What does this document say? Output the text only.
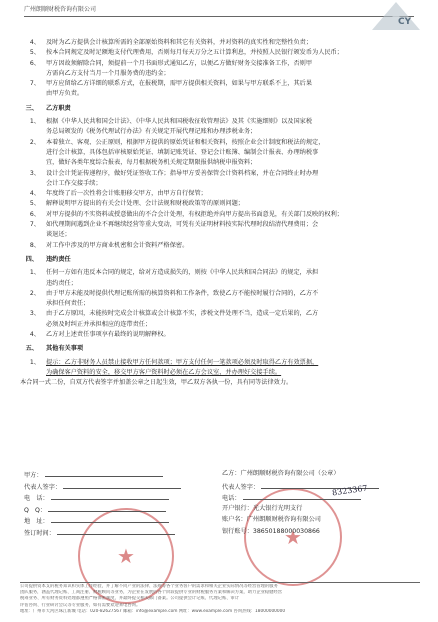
广州朗顺财税咨询有限公司
CY
4、 及时为乙方提供会计核算所需的全部原始资料和其它有关资料，并对资料的真实性和完整性负责；
5、 按本合同规定及时足额地支付代理费用，否则每月每天万分之五计算利息，并按照人民银行颁发币为人民币；
6、 甲方因故须解除合同，须提前一个月书面形式通知乙方，以便乙方做好财务交接准备工作，否则甲
方需向乙方支付当月一个月服务费的违约金；
7、 甲方应留给乙方详细的联系方式，在报税期，需甲方提供相关资料，如果与甲方联系不上，其后果
由甲方负责。
三、 乙方职责
1、 根据《中华人民共和国会计法》、《中华人民共和国税收征收管理法》及其《实施细则》以及国家税
务总局颁发的《税务代理试行办法》有关规定开展代理记账和办理涉税业务；
2、 本着独立、客观、公正原则，根据甲方提供的原始凭证和相关资料，按照企业会计制度和税法的规定，
进行会计核算，具体包括审核原始凭证、填制记账凭证、登记会计账簿、编制会计报表、办理纳税事
宜，做好各类年度综合报表，每月根据税务机关规定期限报供纳税申报资料；
3、 设计会计凭证传递程序，做好凭证签收工作；指导甲方妥善保管会计资料档案，并在合同终止时办理
会计工作交接手续；
4、 年度终了后一次性将会计账册移交甲方，由甲方自行保管；
5、 解释说明甲方提出的有关会计处理、会计法规和财税政策等的原则问题；
6、 对甲方提供的不实资料或授意做出的不合会计处理，有权拒绝并向甲方提出书面意见，有关部门反映的权利；
7、 如代理期间遇到企业不再继续经营等重大变动，可凭有关证明材料按实际代理时段结清代理费用；会
谈退还；
8、 对工作中涉及的甲方商业机密和会计资料严格保密。
四、 违约责任
1、 任何一方如有违反本合同的规定，给对方造成损失的，则按《中华人民共和国合同法》的规定，承担
违约责任；
2、 由于甲方未能及时提供代理记账所需的核算资料和工作条件，致使乙方不能按时履行合同的，乙方不
承担任何责任；
3、 由于乙方原因，未能按时完成会计核算或会计核算不实，涉税文件处理不当，造成一定后果的，乙方
必须及时纠正并承担相应的连带责任；
4、 乙方对上述责任事项享有最终的说明解释权。
五、 其他有关事项
1、 提示：乙方非财务人员禁止接收甲方任何款项；甲方支付任何一笔款项必须及时取得乙方有效票据，
为确保客户资料的安全，移交甲方客户资料时必须在乙方会议室，并办理好交接手续。
本合同一式二份，自双方代表签字并加盖公章之日起生效，甲乙双方各执一份，具有同等法律效力。
★
★
甲方：
代表人签字：
电　话：
Q　Q：
地　址：
签订时间：
乙方：广州朗顺财税咨询有限公司（公章）
代表人签字：
电话：
开户银行：光大银行光明支行
账户名：广州朗顺财税咨询有限公司
银行账号：38650188000030866
8323367
公司提供资本支的税务知识和实体工作经验，并了解不同产业的法律、法规等各个业务客户的需求和相关企业实际情况等经营管理的服务
团队服务，涵盖代理记账、工商注册、财税顾问等业务，为企业在发展的各个阶段提供专业的财税服务方案和解决方案，助力企业稳健经营
税筹业务、所有财务资料处理都遵照严格保密制度，并最终提交相关部门备案。公司提供会计记账、代理记账、审计
评估咨询、行业研讨会议等专业服务，如有需要欢迎来电咨询。
地址：广州市天河区珠江新城 电话：020-82627567 邮箱：info@example.com 网址：www.example.com 咨询热线：18000000000
